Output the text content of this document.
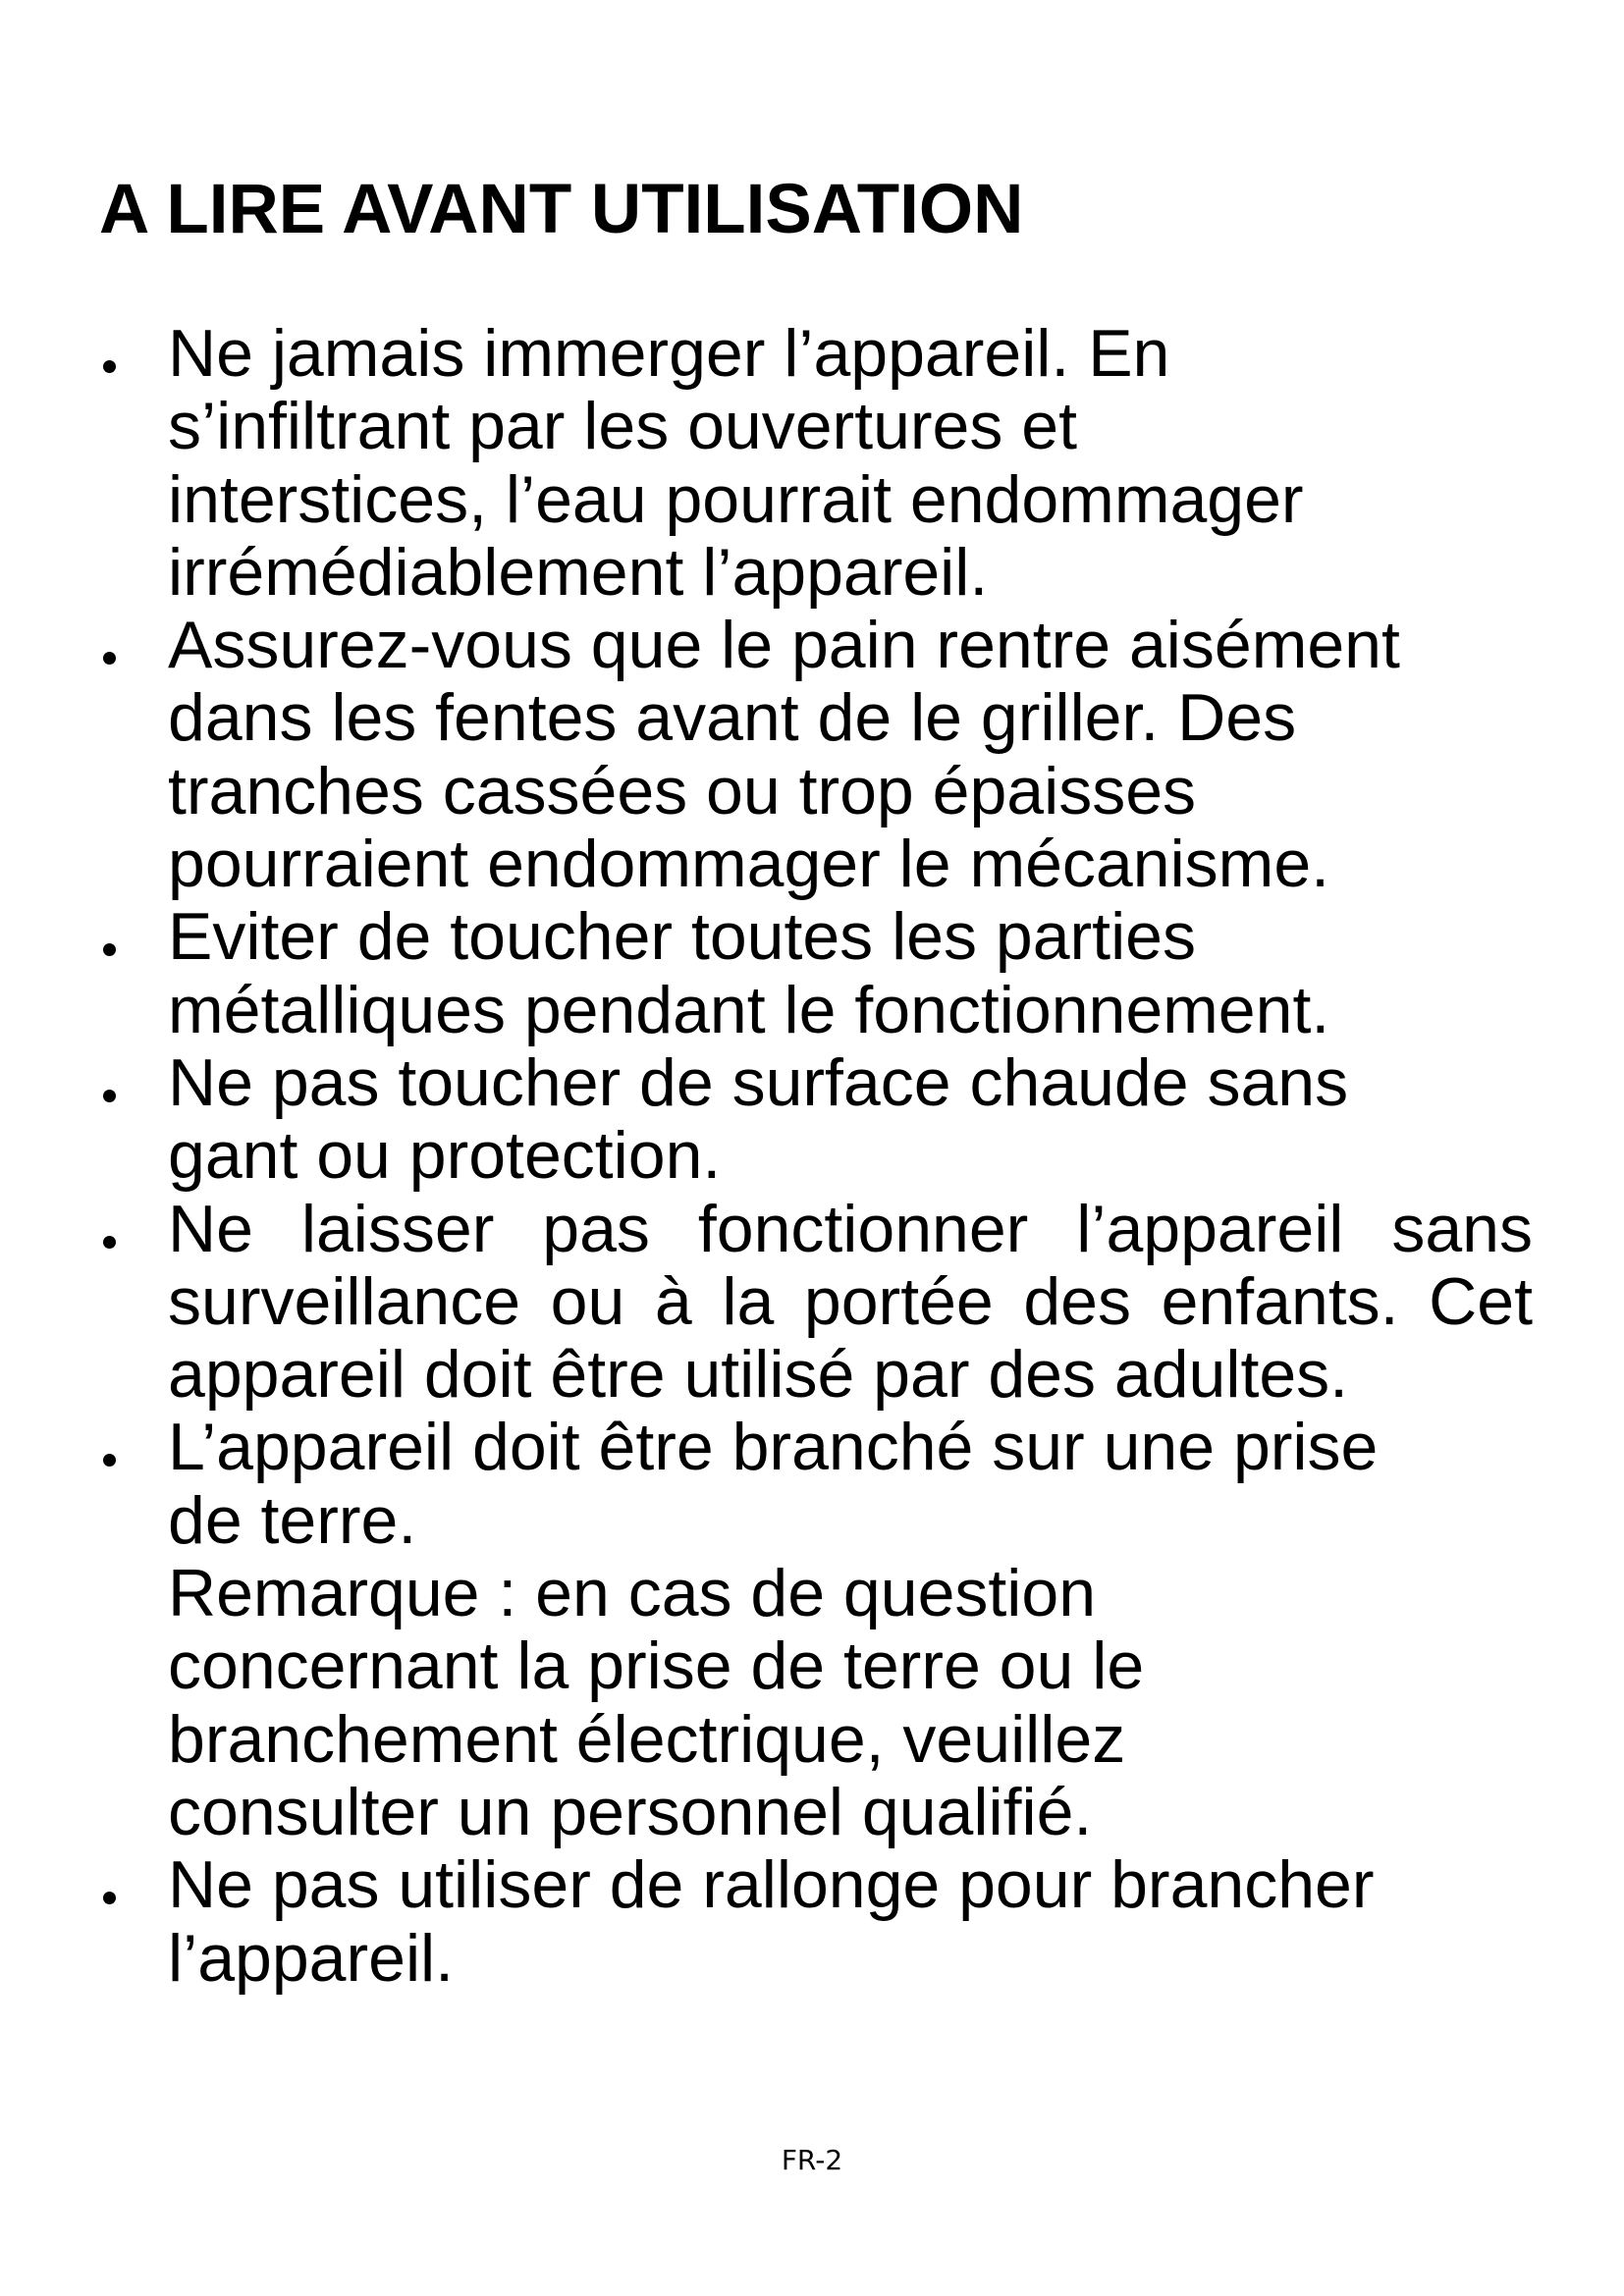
A LIRE AVANT UTILISATION

Ne jamais immerger l’appareil. En
s’infiltrant par les ouvertures et
interstices, l’eau pourrait endommager
irrémédiablement l’appareil.

Assurez-vous que le pain rentre aisément
dans les fentes avant de le griller. Des
tranches cassées ou trop épaisses
pourraient endommager le mécanisme.

Eviter de toucher toutes les parties
métalliques pendant le fonctionnement.

Ne pas toucher de surface chaude sans
gant ou protection.

Ne laisser pas fonctionner l’appareil sans surveillance ou à la portée des enfants. Cet appareil doit être utilisé par des adultes.

L’appareil doit être branché sur une prise
de terre.

Remarque : en cas de question
concernant la prise de terre ou le
branchement électrique, veuillez
consulter un personnel qualifié.

Ne pas utiliser de rallonge pour brancher
l’appareil.

FR-2
